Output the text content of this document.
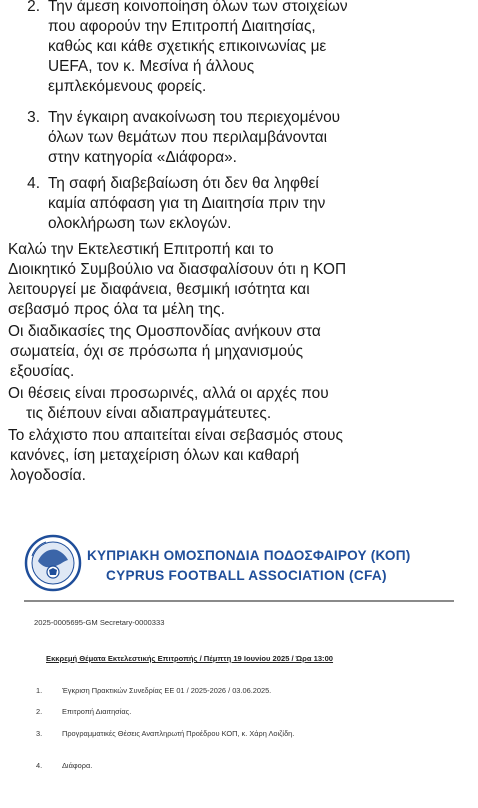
2. Την άμεση κοινοποίηση όλων των στοιχείων
που αφορούν την Επιτροπή Διαιτησίας,
καθώς και κάθε σχετικής επικοινωνίας με
UEFA, τον κ. Μεσίνα ή άλλους
εμπλεκόμενους φορείς.
3. Την έγκαιρη ανακοίνωση του περιεχομένου
όλων των θεμάτων που περιλαμβάνονται
στην κατηγορία «Διάφορα».
4. Τη σαφή διαβεβαίωση ότι δεν θα ληφθεί
καμία απόφαση για τη Διαιτησία πριν την
ολοκλήρωση των εκλογών.
Καλώ την Εκτελεστική Επιτροπή και το
Διοικητικό Συμβούλιο να διασφαλίσουν ότι η ΚΟΠ
λειτουργεί με διαφάνεια, θεσμική ισότητα και
σεβασμό προς όλα τα μέλη της.
Οι διαδικασίες της Ομοσπονδίας ανήκουν στα
σωματεία, όχι σε πρόσωπα ή μηχανισμούς
εξουσίας.
Οι θέσεις είναι προσωρινές, αλλά οι αρχές που
τις διέπουν είναι αδιαπραγμάτευτες.
Το ελάχιστο που απαιτείται είναι σεβασμός στους
κανόνες, ίση μεταχείριση όλων και καθαρή
λογοδοσία.
ΚΥΠΡΙΑΚΗ ΟΜΟΣΠΟΝΔΙΑ ΠΟΔΟΣΦΑΙΡΟΥ (ΚΟΠ)
CYPRUS FOOTBALL ASSOCIATION (CFA)
2025-0005695-GM Secretary-0000333
Εκκρεμή Θέματα Εκτελεστικής Επιτροπής / Πέμπτη 19 Ιουνίου 2025 / Ώρα 13:00
1.	Έγκριση Πρακτικών Συνεδρίας ΕΕ 01 / 2025-2026 / 03.06.2025.
2.	Επιτροπή Διαιτησίας.
3.	Προγραμματικές Θέσεις Αναπληρωτή Προέδρου ΚΟΠ, κ. Χάρη Λοιζίδη.
4.	Διάφορα.
